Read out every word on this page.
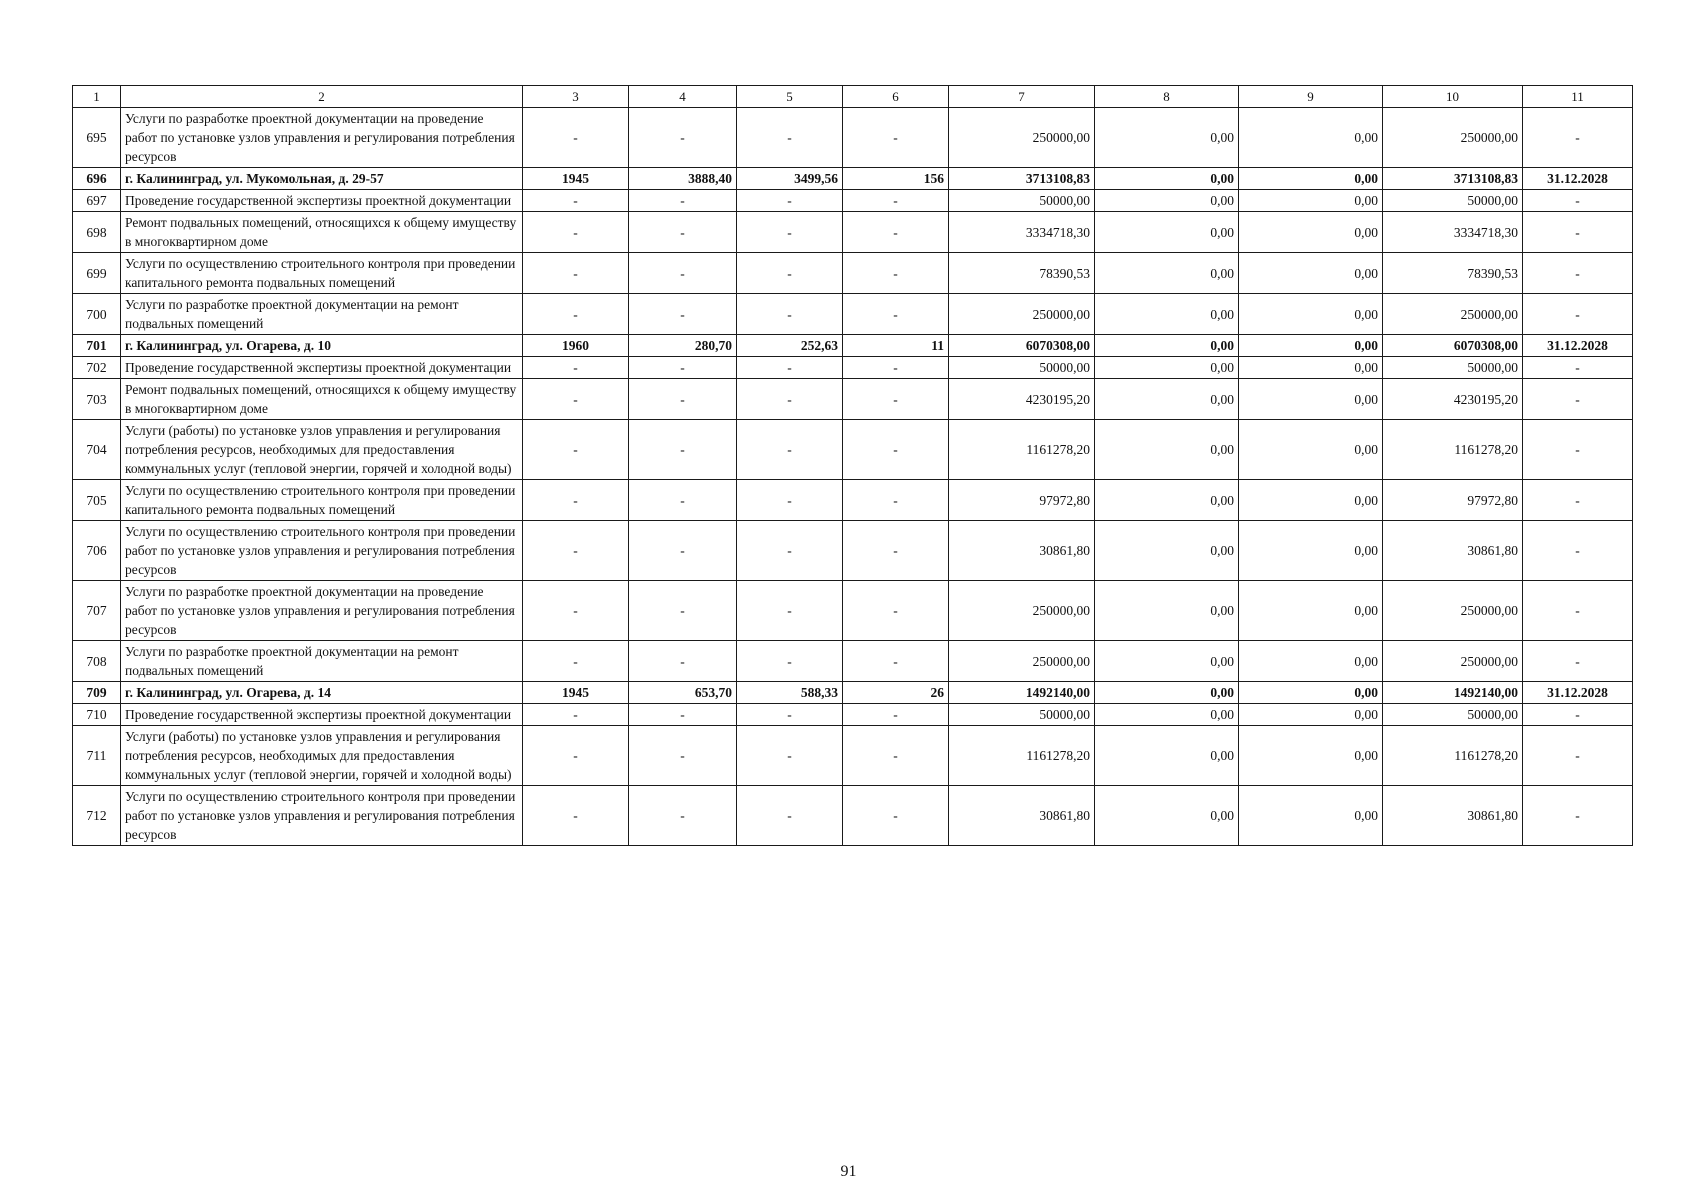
1	2	3	4	5	6	7	8	9	10	11
695	Услуги по разработке проектной документации на проведение работ по установке узлов управления и регулирования потребления ресурсов	-	-	-	-	250000,00	0,00	0,00	250000,00	-
696	г. Калининград, ул. Мукомольная, д. 29-57	1945	3888,40	3499,56	156	3713108,83	0,00	0,00	3713108,83	31.12.2028
697	Проведение государственной экспертизы проектной документации	-	-	-	-	50000,00	0,00	0,00	50000,00	-
698	Ремонт подвальных помещений, относящихся к общему имуществу в многоквартирном доме	-	-	-	-	3334718,30	0,00	0,00	3334718,30	-
699	Услуги по осуществлению строительного контроля при проведении капитального ремонта подвальных помещений	-	-	-	-	78390,53	0,00	0,00	78390,53	-
700	Услуги по разработке проектной документации на ремонт подвальных помещений	-	-	-	-	250000,00	0,00	0,00	250000,00	-
701	г. Калининград, ул. Огарева, д. 10	1960	280,70	252,63	11	6070308,00	0,00	0,00	6070308,00	31.12.2028
702	Проведение государственной экспертизы проектной документации	-	-	-	-	50000,00	0,00	0,00	50000,00	-
703	Ремонт подвальных помещений, относящихся к общему имуществу в многоквартирном доме	-	-	-	-	4230195,20	0,00	0,00	4230195,20	-
704	Услуги (работы) по установке узлов управления и регулирования потребления ресурсов, необходимых для предоставления коммунальных услуг (тепловой энергии, горячей и холодной воды)	-	-	-	-	1161278,20	0,00	0,00	1161278,20	-
705	Услуги по осуществлению строительного контроля при проведении капитального ремонта подвальных помещений	-	-	-	-	97972,80	0,00	0,00	97972,80	-
706	Услуги по осуществлению строительного контроля при проведении работ по установке узлов управления и регулирования потребления ресурсов	-	-	-	-	30861,80	0,00	0,00	30861,80	-
707	Услуги по разработке проектной документации на проведение работ по установке узлов управления и регулирования потребления ресурсов	-	-	-	-	250000,00	0,00	0,00	250000,00	-
708	Услуги по разработке проектной документации на ремонт подвальных помещений	-	-	-	-	250000,00	0,00	0,00	250000,00	-
709	г. Калининград, ул. Огарева, д. 14	1945	653,70	588,33	26	1492140,00	0,00	0,00	1492140,00	31.12.2028
710	Проведение государственной экспертизы проектной документации	-	-	-	-	50000,00	0,00	0,00	50000,00	-
711	Услуги (работы) по установке узлов управления и регулирования потребления ресурсов, необходимых для предоставления коммунальных услуг (тепловой энергии, горячей и холодной воды)	-	-	-	-	1161278,20	0,00	0,00	1161278,20	-
712	Услуги по осуществлению строительного контроля при проведении работ по установке узлов управления и регулирования потребления ресурсов	-	-	-	-	30861,80	0,00	0,00	30861,80	-
91
